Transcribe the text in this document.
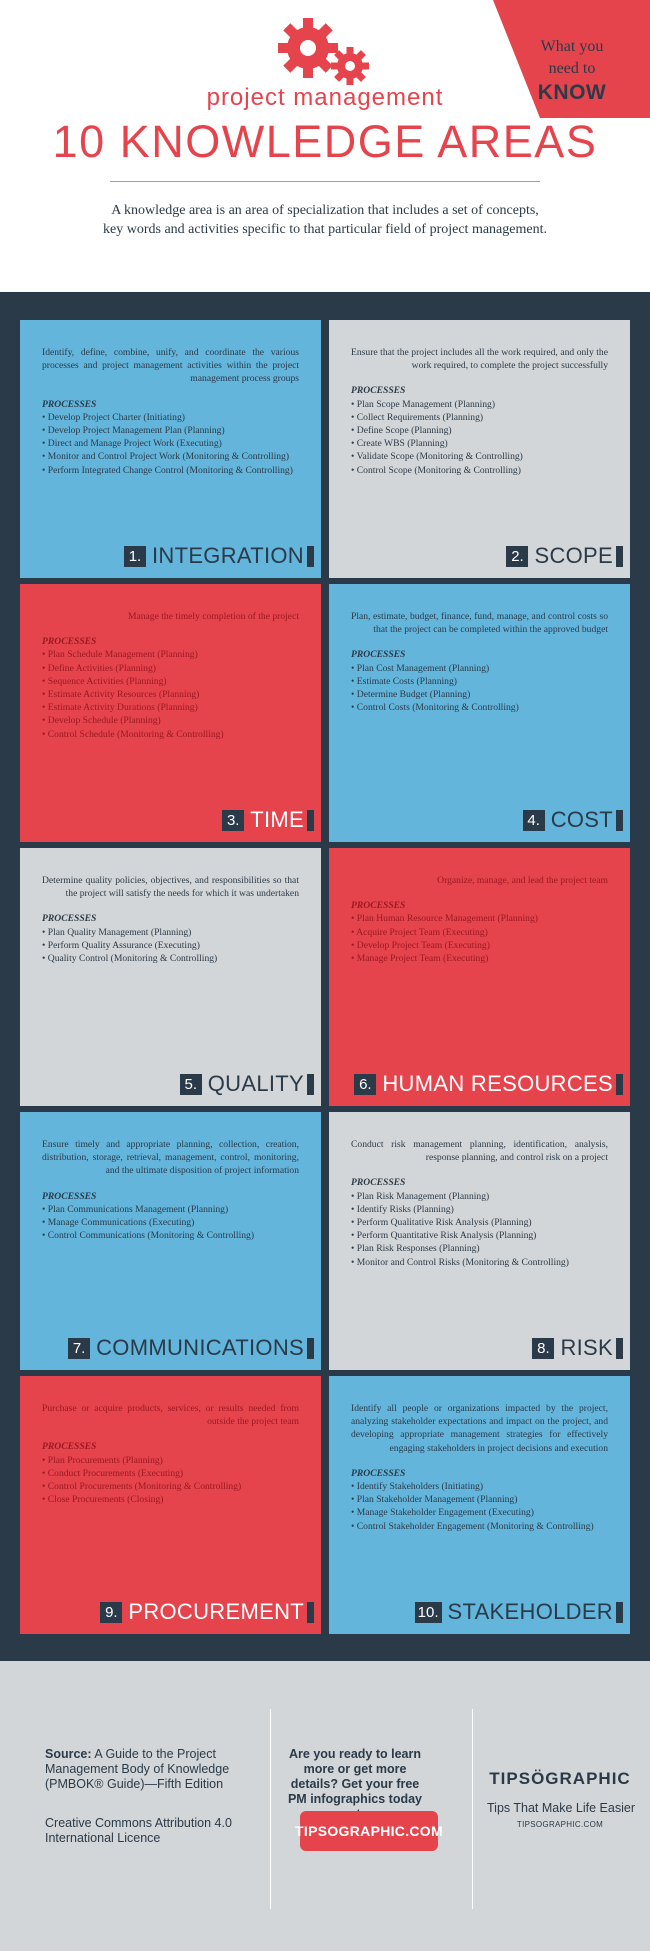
What you
need to

KNOW
project management
10 KNOWLEDGE AREAS
A knowledge area is an area of specialization that includes a set of concepts, key words and activities specific to that particular field of project management.
Identify, define, combine, unify, and coordinate the various processes and project management activities within the project management process groups
PROCESSES
• Develop Project Charter (Initiating)
• Develop Project Management Plan (Planning)
• Direct and Manage Project Work (Executing)
• Monitor and Control Project Work (Monitoring & Controlling)
• Perform Integrated Change Control (Monitoring & Controlling)
1. INTEGRATION
Ensure that the project includes all the work required, and only the work required, to complete the project successfully
PROCESSES
• Plan Scope Management (Planning)
• Collect Requirements (Planning)
• Define Scope (Planning)
• Create WBS (Planning)
• Validate Scope (Monitoring & Controlling)
• Control Scope (Monitoring & Controlling)
2. SCOPE
Manage the timely completion of the project
PROCESSES
• Plan Schedule Management (Planning)
• Define Activities (Planning)
• Sequence Activities (Planning)
• Estimate Activity Resources (Planning)
• Estimate Activity Durations (Planning)
• Develop Schedule (Planning)
• Control Schedule (Monitoring & Controlling)
3. TIME
Plan, estimate, budget, finance, fund, manage, and control costs so that the project can be completed within the approved budget
PROCESSES
• Plan Cost Management (Planning)
• Estimate Costs (Planning)
• Determine Budget (Planning)
• Control Costs (Monitoring & Controlling)
4. COST
Determine quality policies, objectives, and responsibilities so that the project will satisfy the needs for which it was undertaken
PROCESSES
• Plan Quality Management (Planning)
• Perform Quality Assurance (Executing)
• Quality Control (Monitoring & Controlling)
5. QUALITY
Organize, manage, and lead the project team
PROCESSES
• Plan Human Resource Management (Planning)
• Acquire Project Team (Executing)
• Develop Project Team (Executing)
• Manage Project Team (Executing)
6. HUMAN RESOURCES
Ensure timely and appropriate planning, collection, creation, distribution, storage, retrieval, management, control, monitoring, and the ultimate disposition of project information
PROCESSES
• Plan Communications Management (Planning)
• Manage Communications (Executing)
• Control Communications (Monitoring & Controlling)
7. COMMUNICATIONS
Conduct risk management planning, identification, analysis, response planning, and control risk on a project
PROCESSES
• Plan Risk Management (Planning)
• Identify Risks (Planning)
• Perform Qualitative Risk Analysis (Planning)
• Perform Quantitative Risk Analysis (Planning)
• Plan Risk Responses (Planning)
• Monitor and Control Risks (Monitoring & Controlling)
8. RISK
Purchase or acquire products, services, or results needed from outside the project team
PROCESSES
• Plan Procurements (Planning)
• Conduct Procurements (Executing)
• Control Procurements (Monitoring & Controlling)
• Close Procurements (Closing)
9. PROCUREMENT
Identify all people or organizations impacted by the project, analyzing stakeholder expectations and impact on the project, and developing appropriate management strategies for effectively engaging stakeholders in project decisions and execution
PROCESSES
• Identify Stakeholders (Initiating)
• Plan Stakeholder Management (Planning)
• Manage Stakeholder Engagement (Executing)
• Control Stakeholder Engagement (Monitoring & Controlling)
10. STAKEHOLDER
Source: A Guide to the Project Management Body of Knowledge (PMBOK® Guide)—Fifth Edition
Creative Commons Attribution 4.0 International Licence
Are you ready to learn more or get more details? Get your free PM infographics today
TIPSOGRAPHIC.COM
TIPSÖGRAPHIC
Tips That Make Life Easier
TIPSOGRAPHIC.COM
